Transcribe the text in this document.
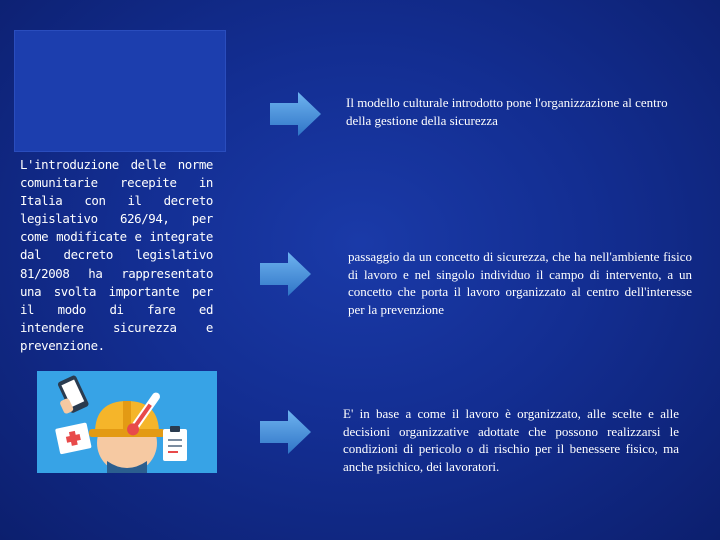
L'introduzione delle norme comunitarie recepite in Italia con il decreto legislativo 626/94, per come modificate e integrate dal decreto legislativo 81/2008 ha rappresentato una svolta importante per il modo di fare ed intendere sicurezza e prevenzione.
Il modello culturale introdotto pone l'organizzazione al centro della gestione della sicurezza
passaggio da un concetto di sicurezza, che ha nell'ambiente fisico di lavoro e nel singolo individuo il campo di intervento, a un concetto che porta il lavoro organizzato al centro dell'interesse per la prevenzione
E' in base a come il lavoro è organizzato, alle scelte e alle decisioni organizzative adottate che possono realizzarsi le condizioni di pericolo o di rischio per il benessere fisico, ma anche psichico, dei lavoratori.
